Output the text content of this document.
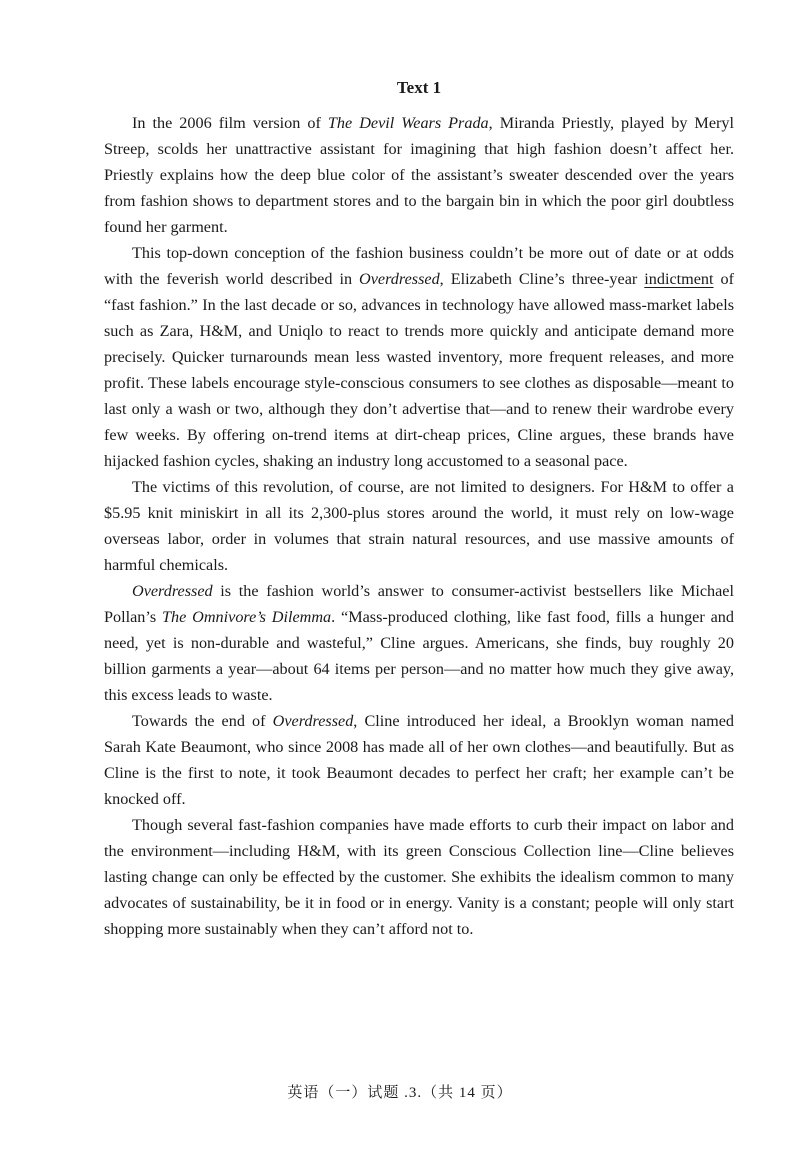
Text 1

In the 2006 film version of The Devil Wears Prada, Miranda Priestly, played by Meryl Streep, scolds her unattractive assistant for imagining that high fashion doesn’t affect her. Priestly explains how the deep blue color of the assistant’s sweater descended over the years from fashion shows to department stores and to the bargain bin in which the poor girl doubtless found her garment.

This top-down conception of the fashion business couldn’t be more out of date or at odds with the feverish world described in Overdressed, Elizabeth Cline’s three-year indictment of “fast fashion.” In the last decade or so, advances in technology have allowed mass-market labels such as Zara, H&M, and Uniqlo to react to trends more quickly and anticipate demand more precisely. Quicker turnarounds mean less wasted inventory, more frequent releases, and more profit. These labels encourage style-conscious consumers to see clothes as disposable—meant to last only a wash or two, although they don’t advertise that—and to renew their wardrobe every few weeks. By offering on-trend items at dirt-cheap prices, Cline argues, these brands have hijacked fashion cycles, shaking an industry long accustomed to a seasonal pace.

The victims of this revolution, of course, are not limited to designers. For H&M to offer a $5.95 knit miniskirt in all its 2,300-plus stores around the world, it must rely on low-wage overseas labor, order in volumes that strain natural resources, and use massive amounts of harmful chemicals.

Overdressed is the fashion world’s answer to consumer-activist bestsellers like Michael Pollan’s The Omnivore’s Dilemma. “Mass-produced clothing, like fast food, fills a hunger and need, yet is non-durable and wasteful,” Cline argues. Americans, she finds, buy roughly 20 billion garments a year—about 64 items per person—and no matter how much they give away, this excess leads to waste.

Towards the end of Overdressed, Cline introduced her ideal, a Brooklyn woman named Sarah Kate Beaumont, who since 2008 has made all of her own clothes—and beautifully. But as Cline is the first to note, it took Beaumont decades to perfect her craft; her example can’t be knocked off.

Though several fast-fashion companies have made efforts to curb their impact on labor and the environment—including H&M, with its green Conscious Collection line—Cline believes lasting change can only be effected by the customer. She exhibits the idealism common to many advocates of sustainability, be it in food or in energy. Vanity is a constant; people will only start shopping more sustainably when they can’t afford not to.

英语（一）试题 .3.（共 14 页）
